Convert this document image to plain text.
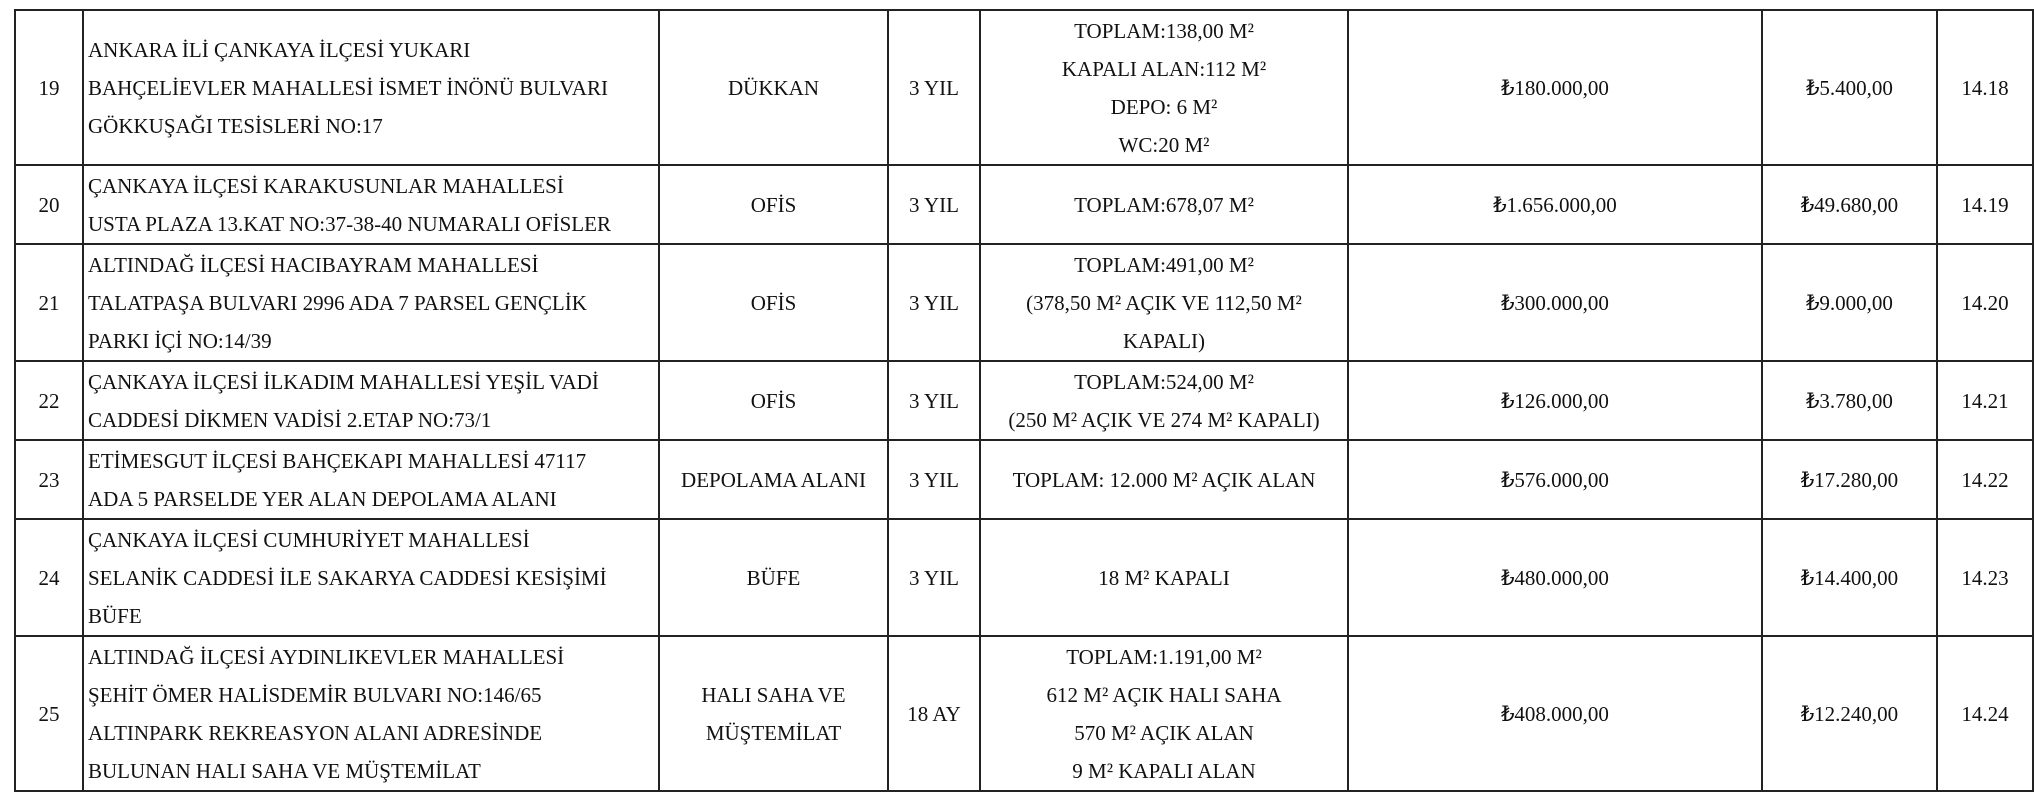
19	ANKARA İLİ ÇANKAYA İLÇESİ YUKARI
BAHÇELİEVLER MAHALLESİ İSMET İNÖNÜ BULVARI
GÖKKUŞAĞI TESİSLERİ NO:17	DÜKKAN	3 YIL	TOPLAM:138,00 M²
KAPALI ALAN:112 M²
DEPO: 6 M²
WC:20 M²	₺180.000,00	₺5.400,00	14.18
20	ÇANKAYA İLÇESİ KARAKUSUNLAR MAHALLESİ
USTA PLAZA 13.KAT NO:37-38-40 NUMARALI OFİSLER	OFİS	3 YIL	TOPLAM:678,07 M²	₺1.656.000,00	₺49.680,00	14.19
21	ALTINDAĞ İLÇESİ HACIBAYRAM MAHALLESİ
TALATPAŞA BULVARI 2996 ADA 7 PARSEL GENÇLİK
PARKI İÇİ NO:14/39	OFİS	3 YIL	TOPLAM:491,00 M²
(378,50 M² AÇIK VE 112,50 M²
KAPALI)	₺300.000,00	₺9.000,00	14.20
22	ÇANKAYA İLÇESİ İLKADIM MAHALLESİ YEŞİL VADİ
CADDESİ DİKMEN VADİSİ 2.ETAP NO:73/1	OFİS	3 YIL	TOPLAM:524,00 M²
(250 M² AÇIK VE 274 M² KAPALI)	₺126.000,00	₺3.780,00	14.21
23	ETİMESGUT İLÇESİ BAHÇEKAPI MAHALLESİ 47117
ADA 5 PARSELDE YER ALAN DEPOLAMA ALANI	DEPOLAMA ALANI	3 YIL	TOPLAM: 12.000 M² AÇIK ALAN	₺576.000,00	₺17.280,00	14.22
24	ÇANKAYA İLÇESİ CUMHURİYET MAHALLESİ
SELANİK CADDESİ İLE SAKARYA CADDESİ KESİŞİMİ
BÜFE	BÜFE	3 YIL	18 M² KAPALI	₺480.000,00	₺14.400,00	14.23
25	ALTINDAĞ İLÇESİ AYDINLIKEVLER MAHALLESİ
ŞEHİT ÖMER HALİSDEMİR BULVARI NO:146/65
ALTINPARK REKREASYON ALANI ADRESİNDE
BULUNAN HALI SAHA VE MÜŞTEMİLAT	HALI SAHA VE
MÜŞTEMİLAT	18 AY	TOPLAM:1.191,00 M²
612 M² AÇIK HALI SAHA
570 M² AÇIK ALAN
9 M² KAPALI ALAN	₺408.000,00	₺12.240,00	14.24
